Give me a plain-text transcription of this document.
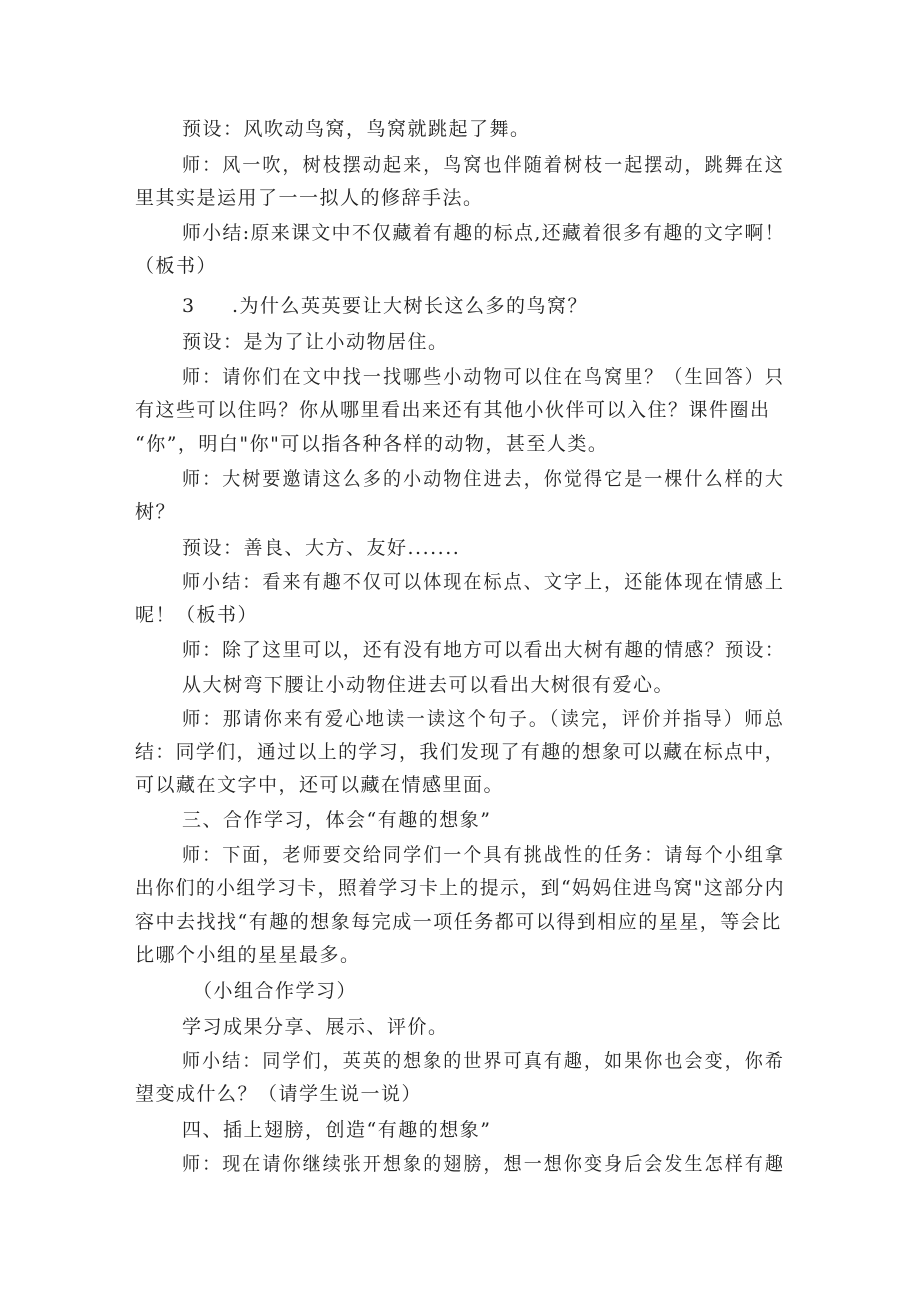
预设：风吹动鸟窝，鸟窝就跳起了舞。
师：风一吹，树枝摆动起来，鸟窝也伴随着树枝一起摆动，跳舞在这
里其实是运用了一一拟人的修辞手法。
师小结:原来课文中不仅藏着有趣的标点,还藏着很多有趣的文字啊！
（板书）
3 .为什么英英要让大树长这么多的鸟窝？
预设：是为了让小动物居住。
师：请你们在文中找一找哪些小动物可以住在鸟窝里？（生回答）只
有这些可以住吗？你从哪里看出来还有其他小伙伴可以入住？课件圈出
“你”，明白"你"可以指各种各样的动物，甚至人类。
师：大树要邀请这么多的小动物住进去，你觉得它是一棵什么样的大
树？
预设：善良、大方、友好.......
师小结：看来有趣不仅可以体现在标点、文字上，还能体现在情感上
呢！（板书）
师：除了这里可以，还有没有地方可以看出大树有趣的情感？预设：
从大树弯下腰让小动物住进去可以看出大树很有爱心。
师：那请你来有爱心地读一读这个句子。（读完，评价并指导）师总
结：同学们，通过以上的学习，我们发现了有趣的想象可以藏在标点中，
可以藏在文字中，还可以藏在情感里面。
三、合作学习，体会“有趣的想象”
师：下面，老师要交给同学们一个具有挑战性的任务：请每个小组拿
出你们的小组学习卡，照着学习卡上的提示，到“妈妈住进鸟窝"这部分内
容中去找找“有趣的想象每完成一项任务都可以得到相应的星星，等会比
比哪个小组的星星最多。
（小组合作学习）
学习成果分享、展示、评价。
师小结：同学们，英英的想象的世界可真有趣，如果你也会变，你希
望变成什么？（请学生说一说）
四、插上翅膀，创造“有趣的想象”
师：现在请你继续张开想象的翅膀，想一想你变身后会发生怎样有趣
